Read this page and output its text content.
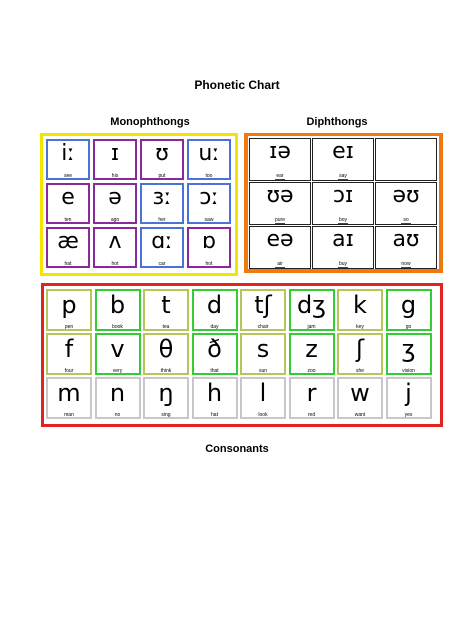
Phonetic Chart
Monophthongs	Diphthongs
iː
see
ɪ
his
ʊ
put
uː
too
e
ten
ə
ago
ɜː
her
ɔː
saw
æ
hat
ʌ
hot
ɑː
car
ɒ
hot
ɪə
ear
eɪ
say
ʊə
pure
ɔɪ
boy
əʊ
so
eə
air
aɪ
buy
aʊ
now
p
pen
b
book
t
tea
d
day
tʃ
chair
dʒ
jam
k
key
g
go
f
four
v
very
θ
think
ð
that
s
sun
z
zoo
ʃ
she
ʒ
vision
m
man
n
no
ŋ
sing
h
hat
l
look
r
red
w
want
j
yes
Consonants
